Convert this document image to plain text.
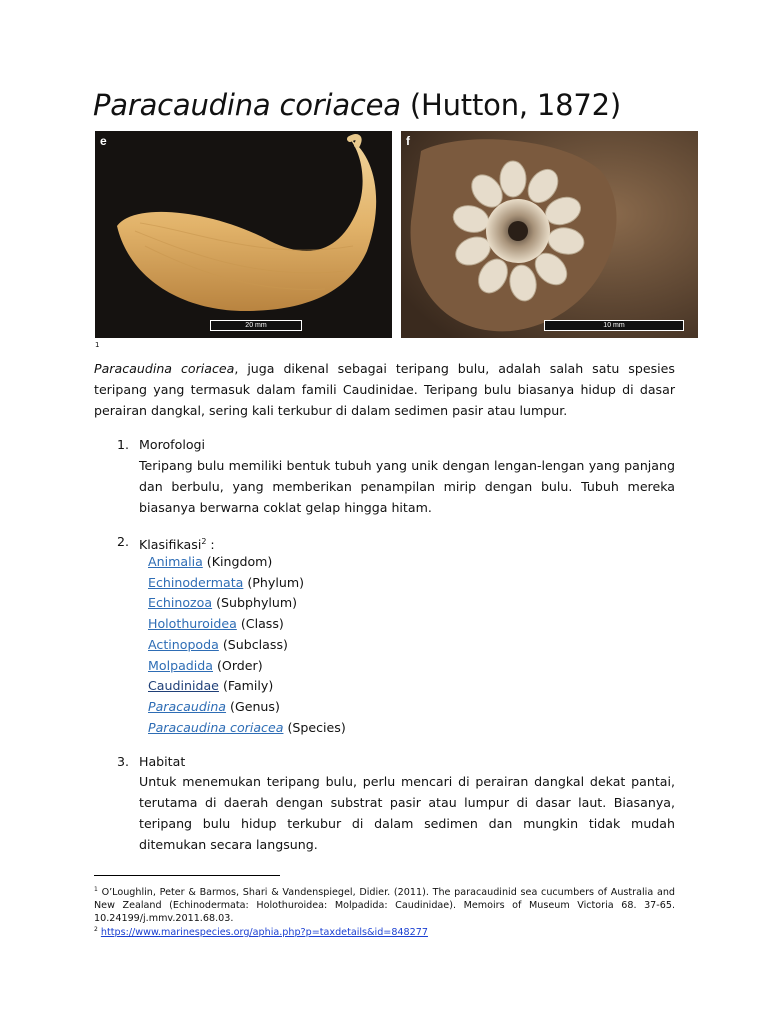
Paracaudina coriacea (Hutton, 1872)
e
20 mm
f
10 mm
1
Paracaudina coriacea, juga dikenal sebagai teripang bulu, adalah salah satu spesies teripang yang termasuk dalam famili Caudinidae. Teripang bulu biasanya hidup di dasar perairan dangkal, sering kali terkubur di dalam sedimen pasir atau lumpur.
1. Morofologi
Teripang bulu memiliki bentuk tubuh yang unik dengan lengan-lengan yang panjang dan berbulu, yang memberikan penampilan mirip dengan bulu. Tubuh mereka biasanya berwarna coklat gelap hingga hitam.
2. Klasifikasi$^2$ :
Animalia (Kingdom)
Echinodermata (Phylum)
Echinozoa (Subphylum)
Holothuroidea (Class)
Actinopoda (Subclass)
Molpadida (Order)
Caudinidae (Family)
Paracaudina (Genus)
Paracaudina coriacea (Species)
3. Habitat
Untuk menemukan teripang bulu, perlu mencari di perairan dangkal dekat pantai, terutama di daerah dengan substrat pasir atau lumpur di dasar laut. Biasanya, teripang bulu hidup terkubur di dalam sedimen dan mungkin tidak mudah ditemukan secara langsung.
$^1$ O’Loughlin, Peter & Barmos, Shari & Vandenspiegel, Didier. (2011). The paracaudinid sea cucumbers of Australia and New Zealand (Echinodermata: Holothuroidea: Molpadida: Caudinidae). Memoirs of Museum Victoria 68. 37-65. 10.24199/j.mmv.2011.68.03.
$^2$ https://www.marinespecies.org/aphia.php?p=taxdetails&id=848277
